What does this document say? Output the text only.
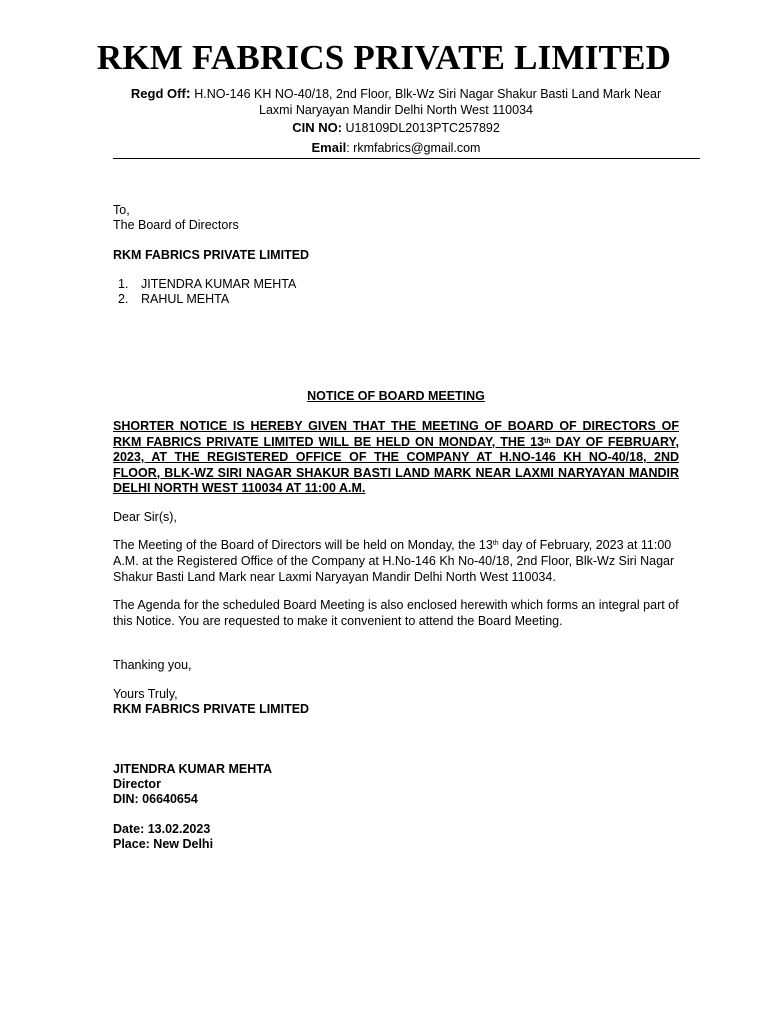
RKM FABRICS PRIVATE LIMITED
Regd Off: H.NO-146 KH NO-40/18, 2nd Floor, Blk-Wz Siri Nagar Shakur Basti Land Mark Near Laxmi Naryayan Mandir Delhi North West 110034
CIN NO: U18109DL2013PTC257892
Email: rkmfabrics@gmail.com
To,
The Board of Directors
RKM FABRICS PRIVATE LIMITED
1.	JITENDRA KUMAR MEHTA
2.	RAHUL MEHTA
NOTICE OF BOARD MEETING
SHORTER NOTICE IS HEREBY GIVEN THAT THE MEETING OF BOARD OF DIRECTORS OF RKM FABRICS PRIVATE LIMITED WILL BE HELD ON MONDAY, THE 13th DAY OF FEBRUARY, 2023, AT THE REGISTERED OFFICE OF THE COMPANY AT H.NO-146 KH NO-40/18, 2ND FLOOR, BLK-WZ SIRI NAGAR SHAKUR BASTI LAND MARK NEAR LAXMI NARYAYAN MANDIR DELHI NORTH WEST 110034 AT 11:00 A.M.
Dear Sir(s),
The Meeting of the Board of Directors will be held on Monday, the 13th day of February, 2023 at 11:00 A.M. at the Registered Office of the Company at H.No-146 Kh No-40/18, 2nd Floor, Blk-Wz Siri Nagar Shakur Basti Land Mark near Laxmi Naryayan Mandir Delhi North West 110034.
The Agenda for the scheduled Board Meeting is also enclosed herewith which forms an integral part of this Notice. You are requested to make it convenient to attend the Board Meeting.
Thanking you,
Yours Truly,
RKM FABRICS PRIVATE LIMITED
JITENDRA KUMAR MEHTA
Director
DIN: 06640654
Date: 13.02.2023
Place: New Delhi
